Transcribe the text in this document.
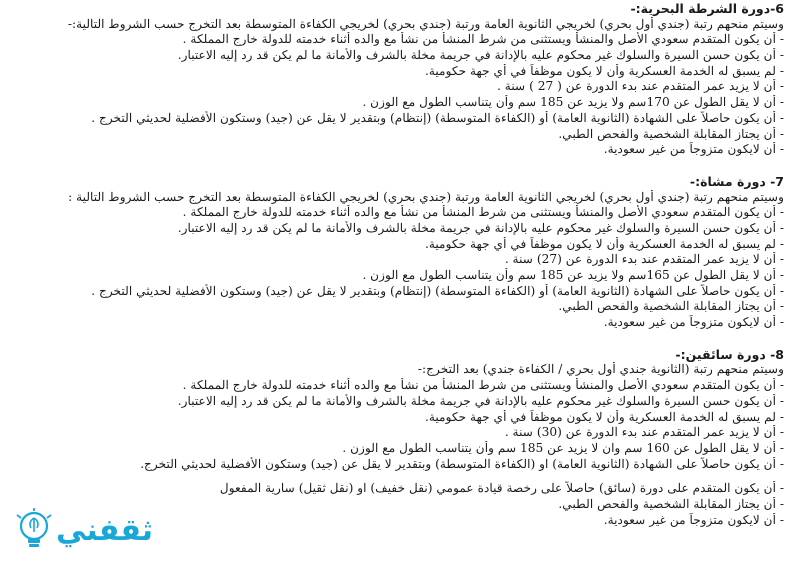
6-دورة الشرطة البحرية:-
وسيتم منحهم رتبة (جندي أول بحري) لخريجي الثانوية العامة ورتبة (جندي بحري) لخريجي الكفاءة المتوسطة بعد التخرج حسب الشروط التالية:-
- أن يكون المتقدم سعودي الأصل والمنشأ ويستثنى من شرط المنشأ من نشأ مع والده أثناء خدمته للدولة خارج المملكة .
- أن يكون حسن السيرة والسلوك غير محكوم عليه بالإدانة في جريمة مخلة بالشرف والأمانة ما لم يكن قد رد إليه الاعتبار.
- لم يسبق له الخدمة العسكرية وأن لا يكون موظفاً في أي جهة حكومية.
- أن لا يزيد عمر المتقدم عند بدء الدورة عن ( 27 ) سنة .
- أن لا يقل الطول عن 170سم ولا يزيد عن 185 سم وأن يتناسب الطول مع الوزن .
- أن يكون حاصلاً على الشهادة (الثانوية العامة) أو (الكفاءة المتوسطة) (إنتظام) وبتقدير لا يقل عن (جيد) وستكون الأفضلية لحديثي التخرج .
- أن يجتاز المقابلة الشخصية والفحص الطبي.
- أن لايكون متزوجاً من غير سعودية.
7- دورة مشاة:-
وسيتم منحهم رتبة (جندي أول بحري) لخريجي الثانوية العامة ورتبة (جندي بحري) لخريجي الكفاءة المتوسطة بعد التخرج حسب الشروط التالية :
- أن يكون المتقدم سعودي الأصل والمنشأ ويستثنى من شرط المنشأ من نشأ مع والده أثناء خدمته للدولة خارج المملكة .
- أن يكون حسن السيرة والسلوك غير محكوم عليه بالإدانة في جريمة مخلة بالشرف والأمانة ما لم يكن قد رد إليه الاعتبار.
- لم يسبق له الخدمة العسكرية وأن لا يكون موظفاً في أي جهة حكومية.
- أن لا يزيد عمر المتقدم عند بدء الدورة عن (27) سنة .
- أن لا يقل الطول عن 165سم ولا يزيد عن 185 سم وأن يتناسب الطول مع الوزن .
- أن يكون حاصلاً على الشهادة (الثانوية العامة) أو (الكفاءة المتوسطة) (إنتظام) وبتقدير لا يقل عن (جيد) وستكون الأفضلية لحديثي التخرج .
- أن يجتاز المقابلة الشخصية والفحص الطبي.
- أن لايكون متزوجاً من غير سعودية.
8- دورة سائقين:-
وسيتم منحهم رتبة (الثانوية جندي أول بحري / الكفاءة جندي) بعد التخرج:-
- أن يكون المتقدم سعودي الأصل والمنشأ ويستثنى من شرط المنشأ من نشأ مع والده أثناء خدمته للدولة خارج المملكة .
- أن يكون حسن السيرة والسلوك غير محكوم عليه بالإدانة في جريمة مخلة بالشرف والأمانة ما لم يكن قد رد إليه الاعتبار.
- لم يسبق له الخدمة العسكرية وأن لا يكون موظفاً في أي جهة حكومية.
- أن لا يزيد عمر المتقدم عند بدء الدورة عن (30) سنة .
- أن لا يقل الطول عن 160 سم وان لا يزيد عن 185 سم وأن يتناسب الطول مع الوزن .
- أن يكون حاصلاً على الشهادة (الثانوية العامة) او (الكفاءة المتوسطة) وبتقدير لا يقل عن (جيد) وستكون الأفضلية لحديثي التخرج.
- أن يكون المتقدم على دورة (سائق) حاصلاً على رخصة قيادة عمومي (نقل خفيف) او (نقل ثقيل) سارية المفعول
- أن يجتاز المقابلة الشخصية والفحص الطبي.
- أن لايكون متزوجاً من غير سعودية.
ثقفني
